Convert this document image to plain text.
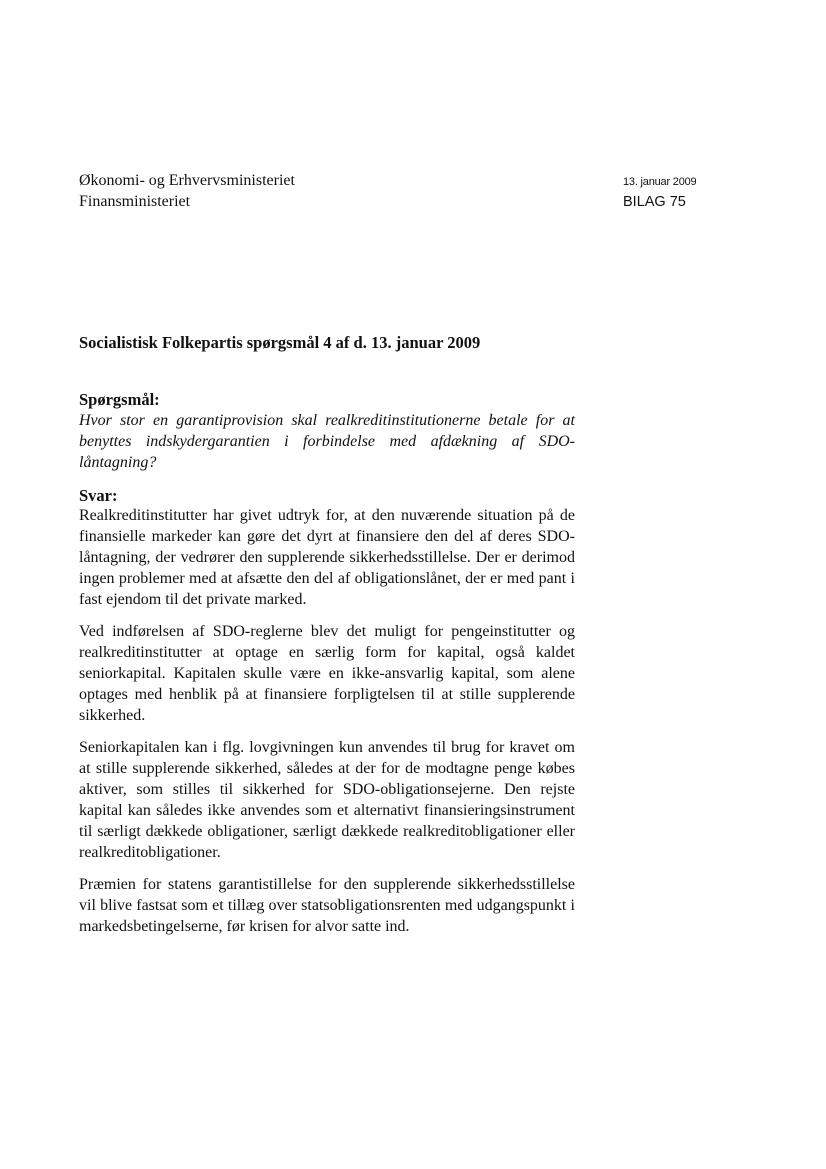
Økonomi- og Erhvervsministeriet
Finansministeriet
13. januar 2009
BILAG 75
Socialistisk Folkepartis spørgsmål 4 af d. 13. januar 2009
Spørgsmål:

Hvor stor en garantiprovision skal realkreditinstitutionerne betale for at benyttes indskydergarantien i forbindelse med afdækning af SDO-låntagning?

Svar:

Realkreditinstitutter har givet udtryk for, at den nuværende situation på de finansielle markeder kan gøre det dyrt at finansiere den del af deres SDO-låntagning, der vedrører den supplerende sikkerhedsstillelse. Der er derimod ingen problemer med at afsætte den del af obligationslånet, der er med pant i fast ejendom til det private marked.

Ved indførelsen af SDO-reglerne blev det muligt for pengeinstitutter og realkreditinstitutter at optage en særlig form for kapital, også kaldet seniorkapital. Kapitalen skulle være en ikke-ansvarlig kapital, som alene optages med henblik på at finansiere forpligtelsen til at stille supplerende sikkerhed.

Seniorkapitalen kan i flg. lovgivningen kun anvendes til brug for kravet om at stille supplerende sikkerhed, således at der for de modtagne penge købes aktiver, som stilles til sikkerhed for SDO-obligationsejerne. Den rejste kapital kan således ikke anvendes som et alternativt finansieringsinstrument til særligt dækkede obligationer, særligt dækkede realkreditobligationer eller realkreditobligationer.

Præmien for statens garantistillelse for den supplerende sikkerhedsstillelse vil blive fastsat som et tillæg over statsobligationsrenten med udgangspunkt i markedsbetingelserne, før krisen for alvor satte ind.
